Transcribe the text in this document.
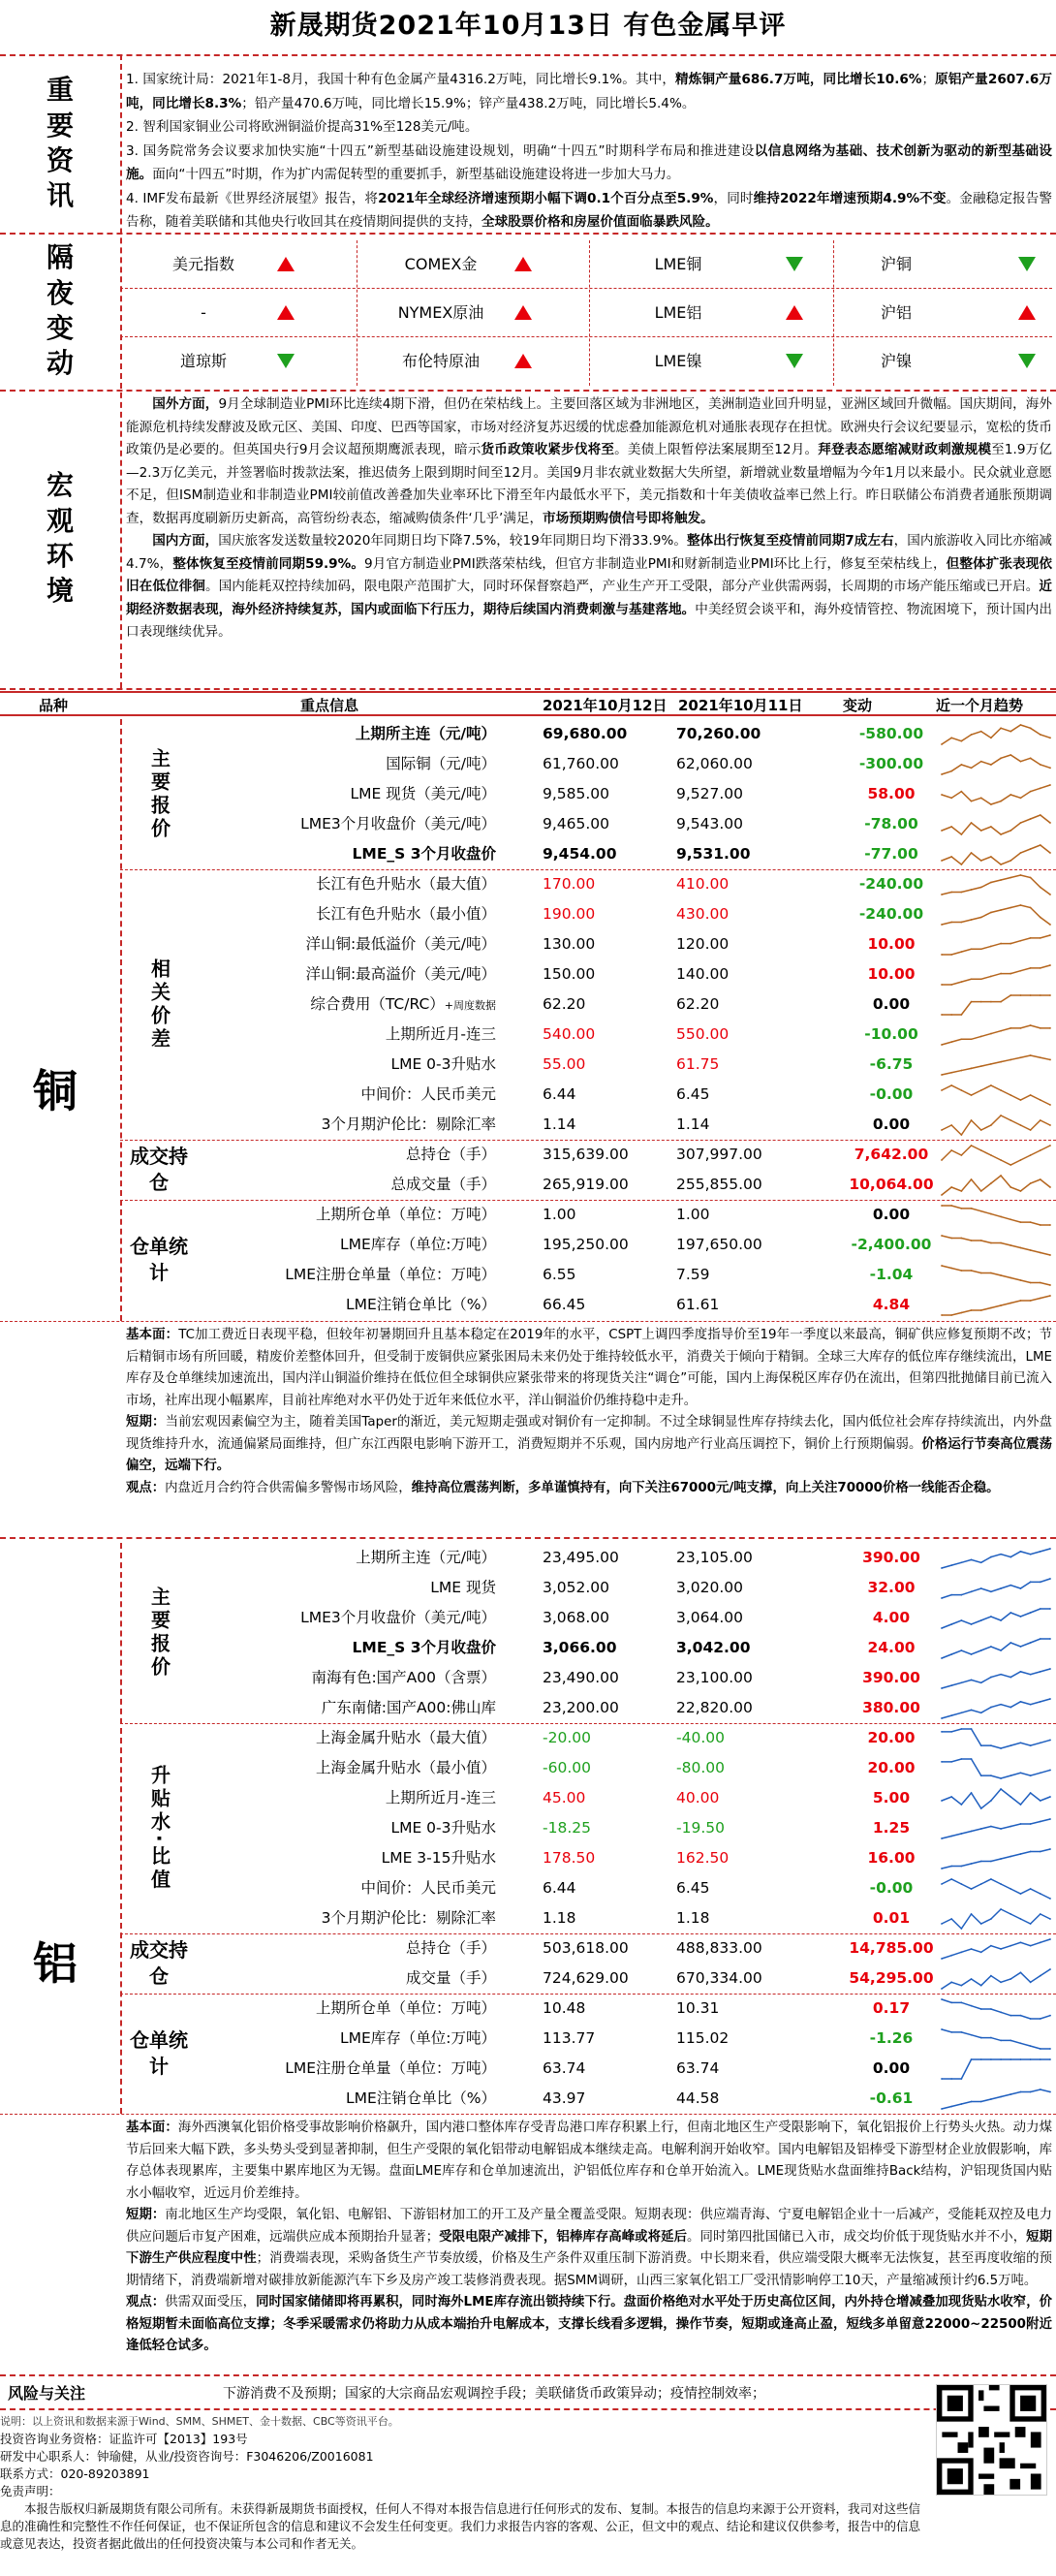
新晟期货2021年10月13日 有色金属早评
重
要
资
讯

1. 国家统计局：2021年1-8月，我国十种有色金属产量4316.2万吨，同比增长9.1%。其中，精炼铜产量686.7万吨，同比增长10.6%；原铝产量2607.6万吨，同比增长8.3%；铅产量470.6万吨，同比增长15.9%；锌产量438.2万吨，同比增长5.4%。

2. 智利国家铜业公司将欧洲铜溢价提高31%至128美元/吨。

3. 国务院常务会议要求加快实施“十四五”新型基础设施建设规划，明确“十四五”时期科学布局和推进建设以信息网络为基础、技术创新为驱动的新型基础设施。面向“十四五”时期，作为扩内需促转型的重要抓手，新型基础设施建设将进一步加大马力。

4. IMF发布最新《世界经济展望》报告，将2021年全球经济增速预期小幅下调0.1个百分点至5.9%，同时维持2022年增速预期4.9%不变。金融稳定报告警告称，随着美联储和其他央行收回其在疫情期间提供的支持，全球股票价格和房屋价值面临暴跌风险。

隔
夜
变
动
美元指数	COMEX金	LME铜	沪铜
-	NYMEX原油	LME铝	沪铝
道琼斯	布伦特原油	LME镍	沪镍
宏
观
环
境

国外方面，9月全球制造业PMI环比连续4期下滑，但仍在荣枯线上。主要回落区域为非洲地区，美洲制造业回升明显，亚洲区域回升微幅。国庆期间，海外能源危机持续发酵波及欧元区、美国、印度、巴西等国家，市场对经济复苏迟缓的忧虑叠加能源危机对通胀表现存在担忧。欧洲央行会议纪要显示，宽松的货币政策仍是必要的。但英国央行9月会议超预期鹰派表现，暗示货币政策收紧步伐将至。美债上限暂停法案展期至12月。拜登表态愿缩减财政刺激规模至1.9万亿—2.3万亿美元，并签署临时拨款法案，推迟债务上限到期时间至12月。美国9月非农就业数据大失所望，新增就业数量增幅为今年1月以来最小。民众就业意愿不足，但ISM制造业和非制造业PMI较前值改善叠加失业率环比下滑至年内最低水平下，美元指数和十年美债收益率已然上行。昨日联储公布消费者通胀预期调查，数据再度刷新历史新高，高管纷纷表态，缩减购债条件‘几乎’满足，市场预期购债信号即将触发。

国内方面，国庆旅客发送数量较2020年同期日均下降7.5%，较19年同期日均下滑33.9%。整体出行恢复至疫情前同期7成左右，国内旅游收入同比亦缩减4.7%，整体恢复至疫情前同期59.9%。9月官方制造业PMI跌落荣枯线，但官方非制造业PMI和财新制造业PMI环比上行，修复至荣枯线上，但整体扩张表现依旧在低位徘徊。国内能耗双控持续加码，限电限产范围扩大，同时环保督察趋严，产业生产开工受限，部分产业供需两弱，长周期的市场产能压缩或已开启。近期经济数据表现，海外经济持续复苏，国内或面临下行压力，期待后续国内消费刺激与基建落地。中美经贸会谈平和，海外疫情管控、物流困境下，预计国内出口表现继续优异。

品种	重点信息	2021年10月12日 2021年10月11日	变动	近一个月趋势
铜
主要报价
相关价差
成交持仓
仓单统计
上期所主连（元/吨）	69,680.00	70,260.00	-580.00
国际铜（元/吨）	61,760.00	62,060.00	-300.00
LME 现货（美元/吨）	9,585.00	9,527.00	58.00
LME3个月收盘价（美元/吨）	9,465.00	9,543.00	-78.00
LME_S 3个月收盘价	9,454.00	9,531.00	-77.00
长江有色升贴水（最大值）	170.00	410.00	-240.00
长江有色升贴水（最小值）	190.00	430.00	-240.00
洋山铜:最低溢价（美元/吨）	130.00	120.00	10.00
洋山铜:最高溢价（美元/吨）	150.00	140.00	10.00
综合费用（TC/RC）+周度数据	62.20	62.20	0.00
上期所近月-连三	540.00	550.00	-10.00
LME 0-3升贴水	55.00	61.75	-6.75
中间价：人民币美元	6.44	6.45	-0.00
3个月期沪伦比：剔除汇率	1.14	1.14	0.00
总持仓（手）	315,639.00	307,997.00	7,642.00
总成交量（手）	265,919.00	255,855.00	10,064.00
上期所仓单（单位：万吨）	1.00	1.00	0.00
LME库存（单位:万吨）	195,250.00	197,650.00	-2,400.00
LME注册仓单量（单位：万吨）	6.55	7.59	-1.04
LME注销仓单比（%）	66.45	61.61	4.84

基本面：TC加工费近日表现平稳，但较年初暑期回升且基本稳定在2019年的水平，CSPT上调四季度指导价至19年一季度以来最高，铜矿供应修复预期不改；节后精铜市场有所回暖，精废价差整体回升，但受制于废铜供应紧张困局未来仍处于维持较低水平，消费关于倾向于精铜。全球三大库存的低位库存继续流出，LME库存及仓单继续加速流出，国内洋山铜溢价维持在低位但全球铜供应紧张带来的将现货关注“调仓”可能，国内上海保税区库存仍在流出，但第四批抛储目前已流入市场，社库出现小幅累库，目前社库绝对水平仍处于近年来低位水平，洋山铜溢价仍维持稳中走升。

短期：当前宏观因素偏空为主，随着美国Taper的渐近，美元短期走强或对铜价有一定抑制。不过全球铜显性库存持续去化，国内低位社会库存持续流出，内外盘现货维持升水，流通偏紧局面维持，但广东江西限电影响下游开工，消费短期并不乐观，国内房地产行业高压调控下，铜价上行预期偏弱。价格运行节奏高位震荡偏空，远端下行。

观点：内盘近月合约符合供需偏多警惕市场风险，维持高位震荡判断，多单谨慎持有，向下关注67000元/吨支撑，向上关注70000价格一线能否企稳。

铝
主要报价
升贴水·比值
成交持仓
仓单统计
上期所主连（元/吨）	23,495.00	23,105.00	390.00
LME 现货	3,052.00	3,020.00	32.00
LME3个月收盘价（美元/吨）	3,068.00	3,064.00	4.00
LME_S 3个月收盘价	3,066.00	3,042.00	24.00
南海有色:国产A00（含票）	23,490.00	23,100.00	390.00
广东南储:国产A00:佛山库	23,200.00	22,820.00	380.00
上海金属升贴水（最大值）	-20.00	-40.00	20.00
上海金属升贴水（最小值）	-60.00	-80.00	20.00
上期所近月-连三	45.00	40.00	5.00
LME 0-3升贴水	-18.25	-19.50	1.25
LME 3-15升贴水	178.50	162.50	16.00
中间价：人民币美元	6.44	6.45	-0.00
3个月期沪伦比：剔除汇率	1.18	1.18	0.01
总持仓（手）	503,618.00	488,833.00	14,785.00
成交量（手）	724,629.00	670,334.00	54,295.00
上期所仓单（单位：万吨）	10.48	10.31	0.17
LME库存（单位:万吨）	113.77	115.02	-1.26
LME注册仓单量（单位：万吨）	63.74	63.74	0.00
LME注销仓单比（%）	43.97	44.58	-0.61

基本面：海外西澳氧化铝价格受事故影响价格飙升，国内港口整体库存受青岛港口库存积累上行，但南北地区生产受限影响下，氧化铝报价上行势头火热。动力煤节后回来大幅下跌，多头势头受到显著抑制，但生产受限的氧化铝带动电解铝成本继续走高。电解利润开始收窄。国内电解铝及铝棒受下游型材企业放假影响，库存总体表现累库，主要集中累库地区为无锡。盘面LME库存和仓单加速流出，沪铝低位库存和仓单开始流入。LME现货贴水盘面维持Back结构，沪铝现货国内贴水小幅收窄，近远月价差维持。

短期：南北地区生产均受限，氧化铝、电解铝、下游铝材加工的开工及产量全覆盖受限。短期表现：供应端青海、宁夏电解铝企业十一后减产，受能耗双控及电力供应问题后市复产困难，远端供应成本预期抬升显著；受限电限产减排下，铝棒库存高峰或将延后。同时第四批国储已入市，成交均价低于现货贴水并不小，短期下游生产供应程度中性；消费端表现，采购备货生产节奏放缓，价格及生产条件双重压制下游消费。中长期来看，供应端受限大概率无法恢复，甚至再度收缩的预期情绪下，消费端新增对碳排放新能源汽车下乡及房产竣工装修消费表现。据SMM调研，山西三家氧化铝工厂受汛情影响停工10天，产量缩减预计约6.5万吨。

观点：供需双面受压，同时国家储储即将再累积，同时海外LME库存流出锁持续下行。盘面价格绝对水平处于历史高位区间，内外持仓增减叠加现货贴水收窄，价格短期暂未面临高位支撑；冬季采暖需求仍将助力从成本端抬升电解成本，支撑长线看多逻辑，操作节奏，短期或逢高止盈，短线多单留意22000~22500附近逢低轻仓试多。

风险与关注	下游消费不及预期；国家的大宗商品宏观调控手段；美联储货币政策异动；疫情控制效率；
说明：以上资讯和数据来源于Wind、SMM、SHMET、金十数据、CBC等资讯平台。
投资咨询业务资格：证监许可【2013】193号
研发中心职系人：钟瑜健，从业/投资咨询号：F3046206/Z0016081
联系方式：020-89203891
免责声明：
本报告版权归新晟期货有限公司所有。未获得新晟期货书面授权，任何人不得对本报告信息进行任何形式的发布、复制。本报告的信息均来源于公开资料，我司对这些信息的准确性和完整性不作任何保证，也不保证所包含的信息和建议不会发生任何变更。我们力求报告内容的客观、公正，但文中的观点、结论和建议仅供参考，报告中的信息或意见表达，投资者据此做出的任何投资决策与本公司和作者无关。
